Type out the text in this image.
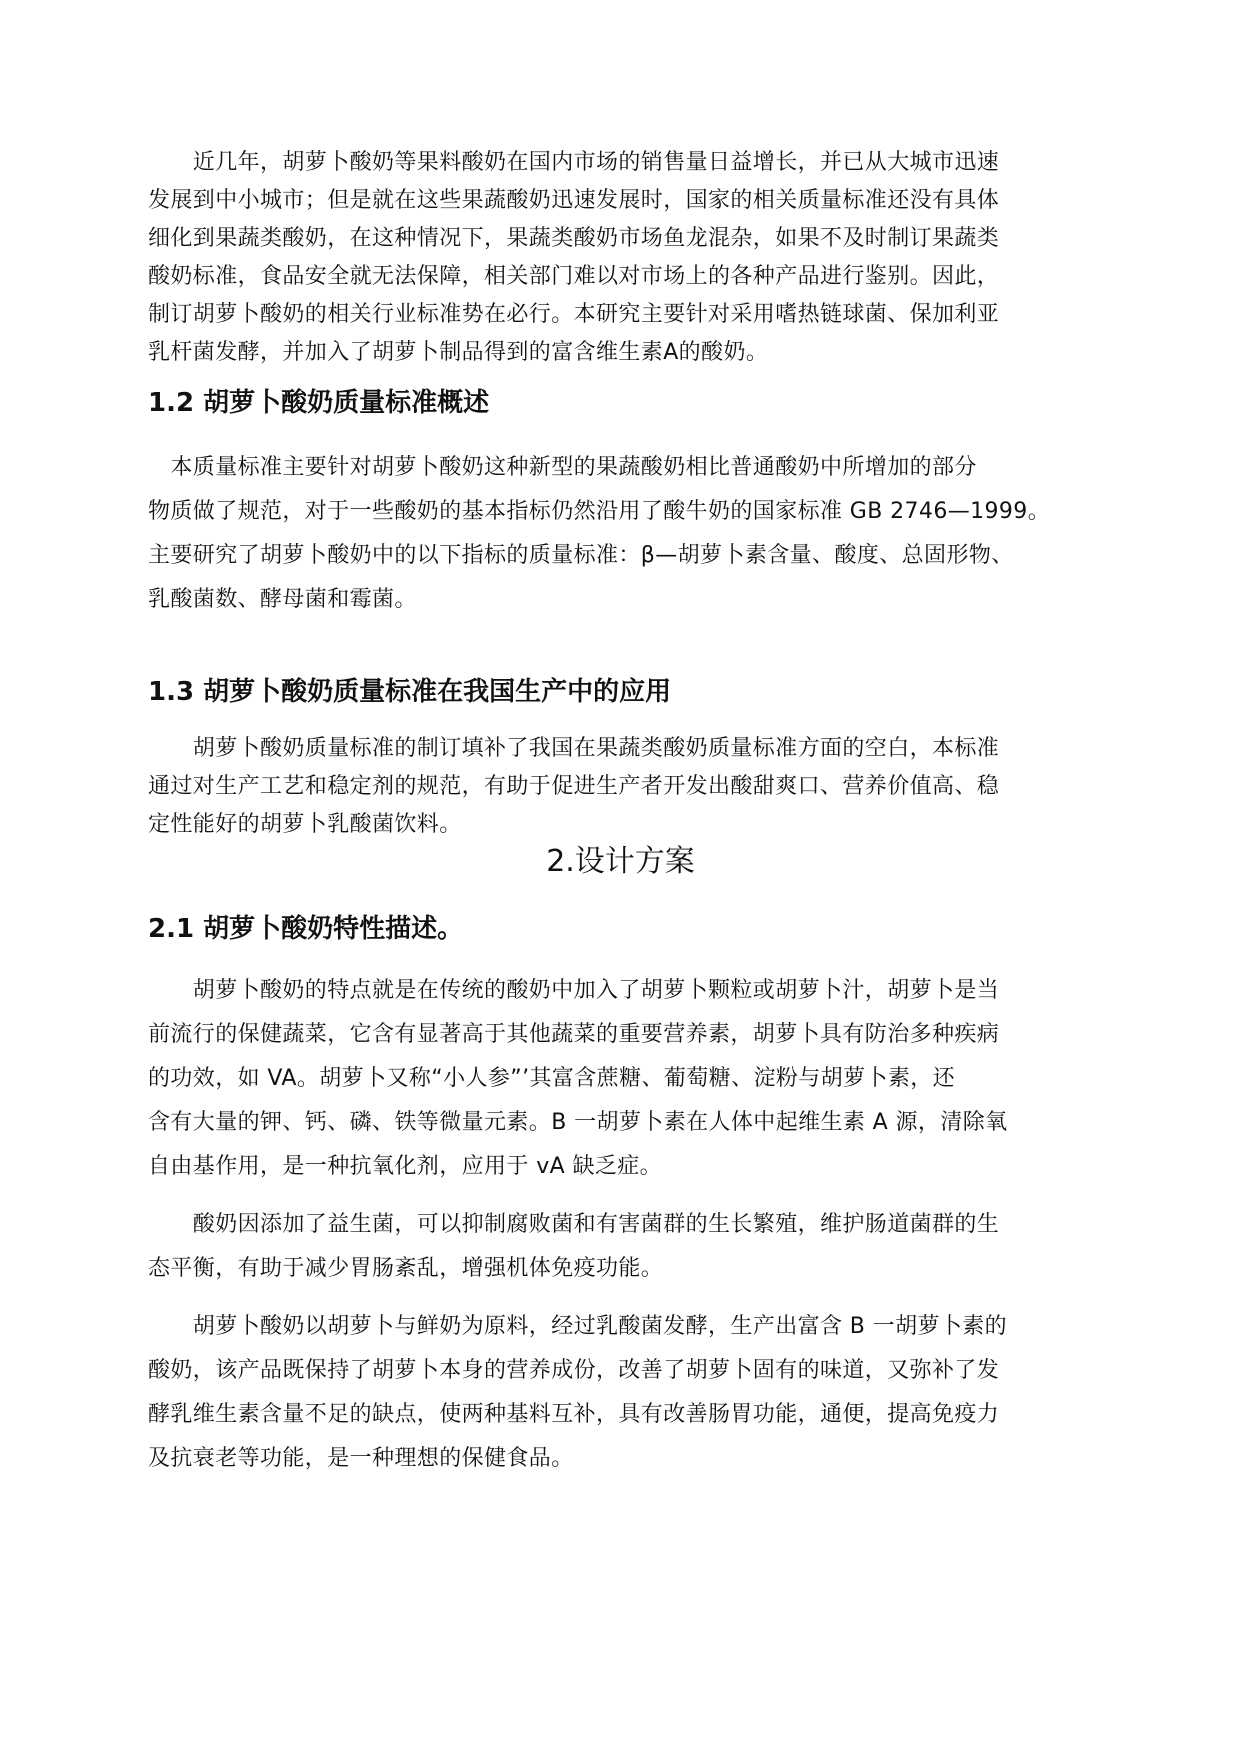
　　近几年，胡萝卜酸奶等果料酸奶在国内市场的销售量日益增长，并已从大城市迅速
发展到中小城市；但是就在这些果蔬酸奶迅速发展时，国家的相关质量标准还没有具体
细化到果蔬类酸奶，在这种情况下，果蔬类酸奶市场鱼龙混杂，如果不及时制订果蔬类
酸奶标准，食品安全就无法保障，相关部门难以对市场上的各种产品进行鉴别。因此，
制订胡萝卜酸奶的相关行业标准势在必行。本研究主要针对采用嗜热链球菌、保加利亚
乳杆菌发酵，并加入了胡萝卜制品得到的富含维生素A的酸奶。
1.2 胡萝卜酸奶质量标准概述
　本质量标准主要针对胡萝卜酸奶这种新型的果蔬酸奶相比普通酸奶中所增加的部分
物质做了规范，对于一些酸奶的基本指标仍然沿用了酸牛奶的国家标准 GB 2746—1999。
主要研究了胡萝卜酸奶中的以下指标的质量标准：β—胡萝卜素含量、酸度、总固形物、
乳酸菌数、酵母菌和霉菌。
1.3 胡萝卜酸奶质量标准在我国生产中的应用
　　胡萝卜酸奶质量标准的制订填补了我国在果蔬类酸奶质量标准方面的空白，本标准
通过对生产工艺和稳定剂的规范，有助于促进生产者开发出酸甜爽口、营养价值高、稳
定性能好的胡萝卜乳酸菌饮料。
2.设计方案
2.1 胡萝卜酸奶特性描述。
　　胡萝卜酸奶的特点就是在传统的酸奶中加入了胡萝卜颗粒或胡萝卜汁，胡萝卜是当
前流行的保健蔬菜，它含有显著高于其他蔬菜的重要营养素，胡萝卜具有防治多种疾病
的功效，如 VA。胡萝卜又称“小人参”’其富含蔗糖、葡萄糖、淀粉与胡萝卜素，还
含有大量的钾、钙、磷、铁等微量元素。B 一胡萝卜素在人体中起维生素 A 源，清除氧
自由基作用，是一种抗氧化剂，应用于 vA 缺乏症。
　　酸奶因添加了益生菌，可以抑制腐败菌和有害菌群的生长繁殖，维护肠道菌群的生
态平衡，有助于减少胃肠紊乱，增强机体免疫功能。
　　胡萝卜酸奶以胡萝卜与鲜奶为原料，经过乳酸菌发酵，生产出富含 B 一胡萝卜素的
酸奶，该产品既保持了胡萝卜本身的营养成份，改善了胡萝卜固有的味道，又弥补了发
酵乳维生素含量不足的缺点，使两种基料互补，具有改善肠胃功能，通便，提高免疫力
及抗衰老等功能，是一种理想的保健食品。
